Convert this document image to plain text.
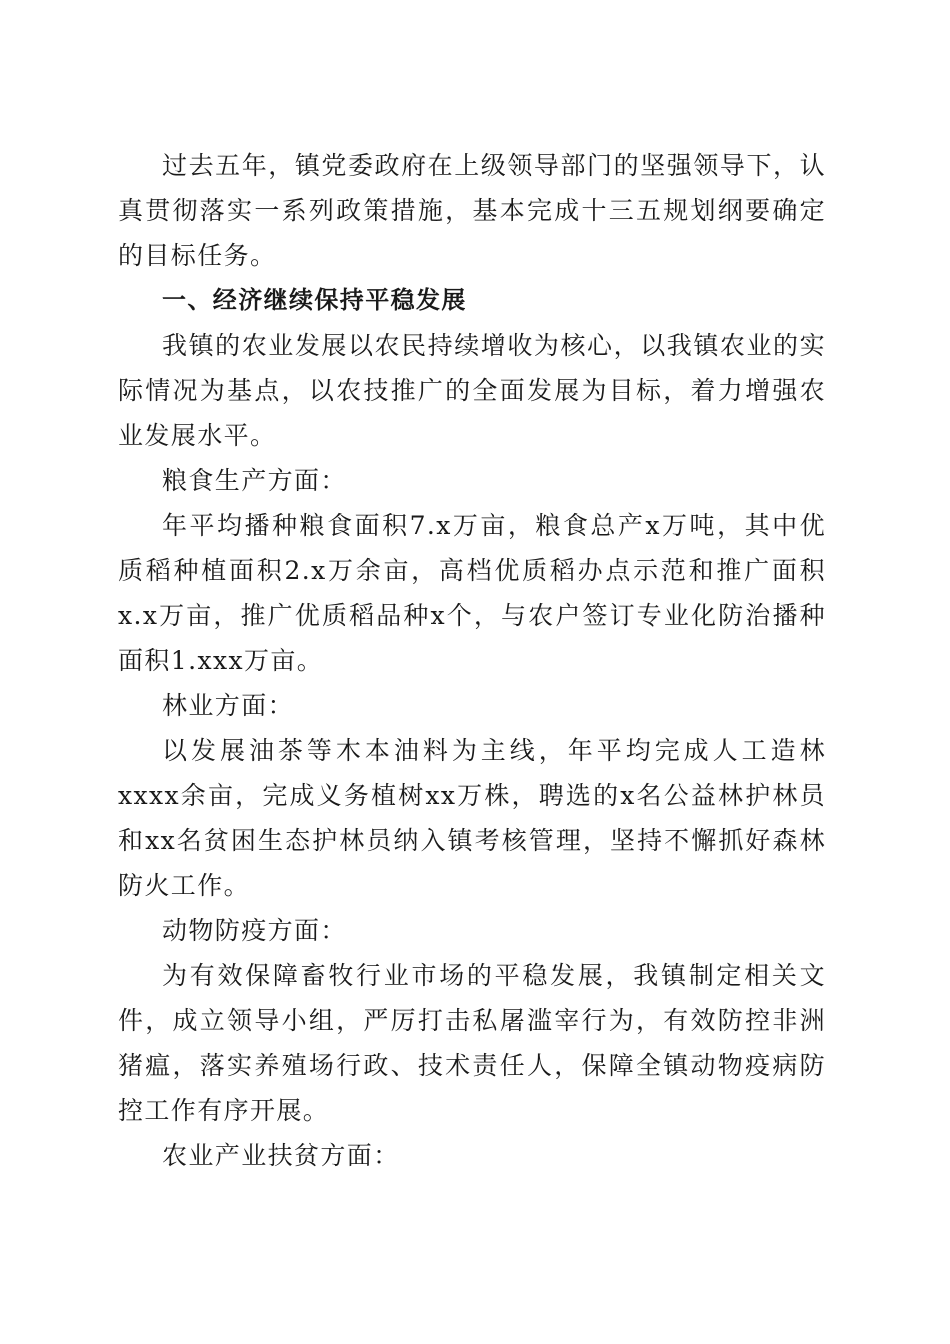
过去五年，镇党委政府在上级领导部门的坚强领导下，认真贯彻落实一系列政策措施，基本完成十三五规划纲要确定的目标任务。

一、经济继续保持平稳发展

我镇的农业发展以农民持续增收为核心，以我镇农业的实际情况为基点，以农技推广的全面发展为目标，着力增强农业发展水平。

粮食生产方面：

年平均播种粮食面积7.x万亩，粮食总产x万吨，其中优质稻种植面积2.x万余亩，高档优质稻办点示范和推广面积x.x万亩，推广优质稻品种x个，与农户签订专业化防治播种面积1.xxx万亩。

林业方面：

以发展油茶等木本油料为主线，年平均完成人工造林xxxx余亩，完成义务植树xx万株，聘选的x名公益林护林员和xx名贫困生态护林员纳入镇考核管理，坚持不懈抓好森林防火工作。

动物防疫方面：

为有效保障畜牧行业市场的平稳发展，我镇制定相关文件，成立领导小组，严厉打击私屠滥宰行为，有效防控非洲猪瘟，落实养殖场行政、技术责任人，保障全镇动物疫病防控工作有序开展。

农业产业扶贫方面：
